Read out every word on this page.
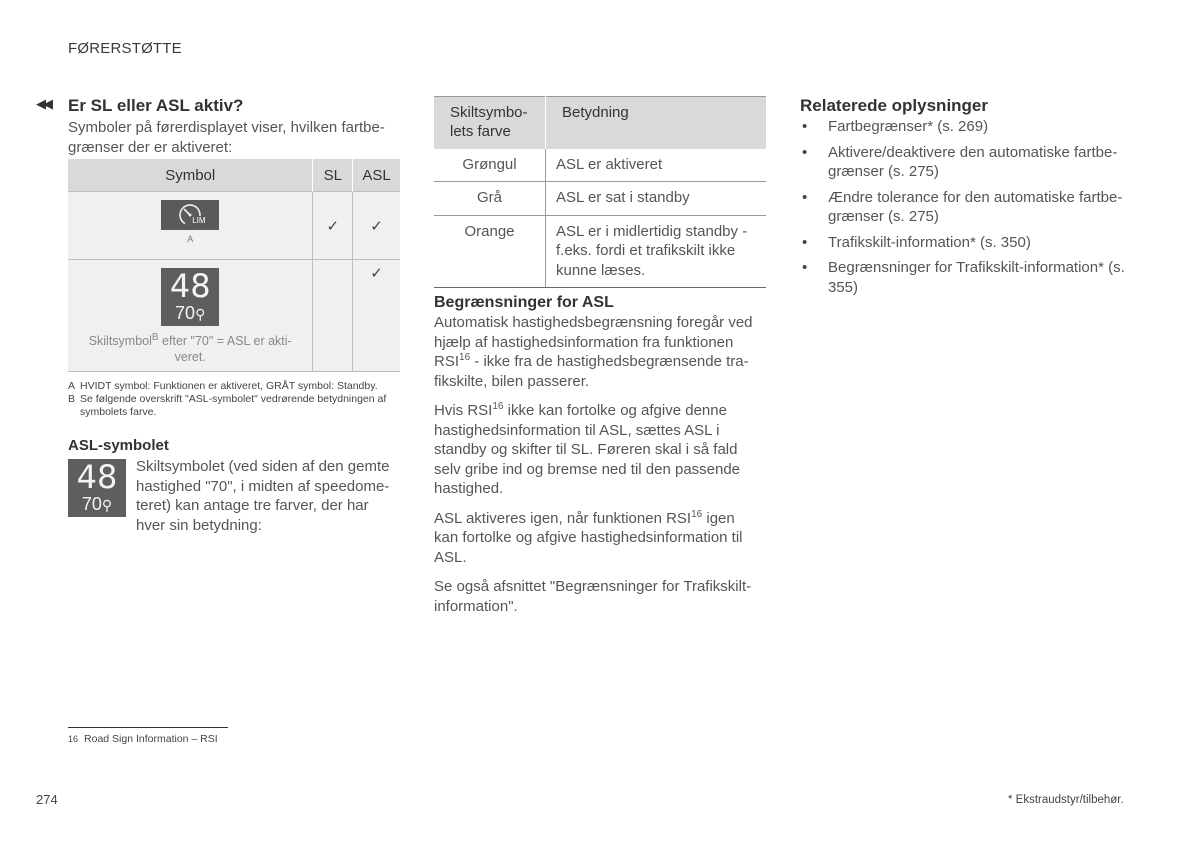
FØRERSTØTTE
◀◀ Er SL eller ASL aktiv?
Symboler på førerdisplayet viser, hvilken fartbe-grænser der er aktiveret:
Symbol	SL	ASL

LIM
A	✓	✓

48
70⚲
Skiltsymbol$^B$ efter "70" = ASL er akti-veret.		✓
A HVIDT symbol: Funktionen er aktiveret, GRÅT symbol: Standby.
B Se følgende overskrift "ASL-symbolet" vedrørende betydningen af symbolets farve.
ASL-symbolet
48
70⚲
Skiltsymbolet (ved siden af den gemte hastighed "70", i midten af speedome-teret) kan antage tre farver, der har hver sin betydning:
16 Road Sign Information – RSI
274
Skiltsymbo-lets farve	Betydning
Grøngul	ASL er aktiveret
Grå	ASL er sat i standby
Orange	ASL er i midlertidig standby - f.eks. fordi et trafikskilt ikke kunne læses.
Begrænsninger for ASL

Automatisk hastighedsbegrænsning foregår ved hjælp af hastighedsinformation fra funktionen RSI$^{16}$ - ikke fra de hastighedsbegrænsende tra-fikskilte, bilen passerer.

Hvis RSI$^{16}$ ikke kan fortolke og afgive denne hastighedsinformation til ASL, sættes ASL i standby og skifter til SL. Føreren skal i så fald selv gribe ind og bremse ned til den passende hastighed.

ASL aktiveres igen, når funktionen RSI$^{16}$ igen kan fortolke og afgive hastighedsinformation til ASL.

Se også afsnittet "Begrænsninger for Trafikskilt-information".

Relaterede oplysninger
• Fartbegrænser* (s. 269)
• Aktivere/deaktivere den automatiske fartbe-grænser (s. 275)
• Ændre tolerance for den automatiske fartbe-grænser (s. 275)
• Trafikskilt-information* (s. 350)
• Begrænsninger for Trafikskilt-information* (s. 355)
* Ekstraudstyr/tilbehør.
